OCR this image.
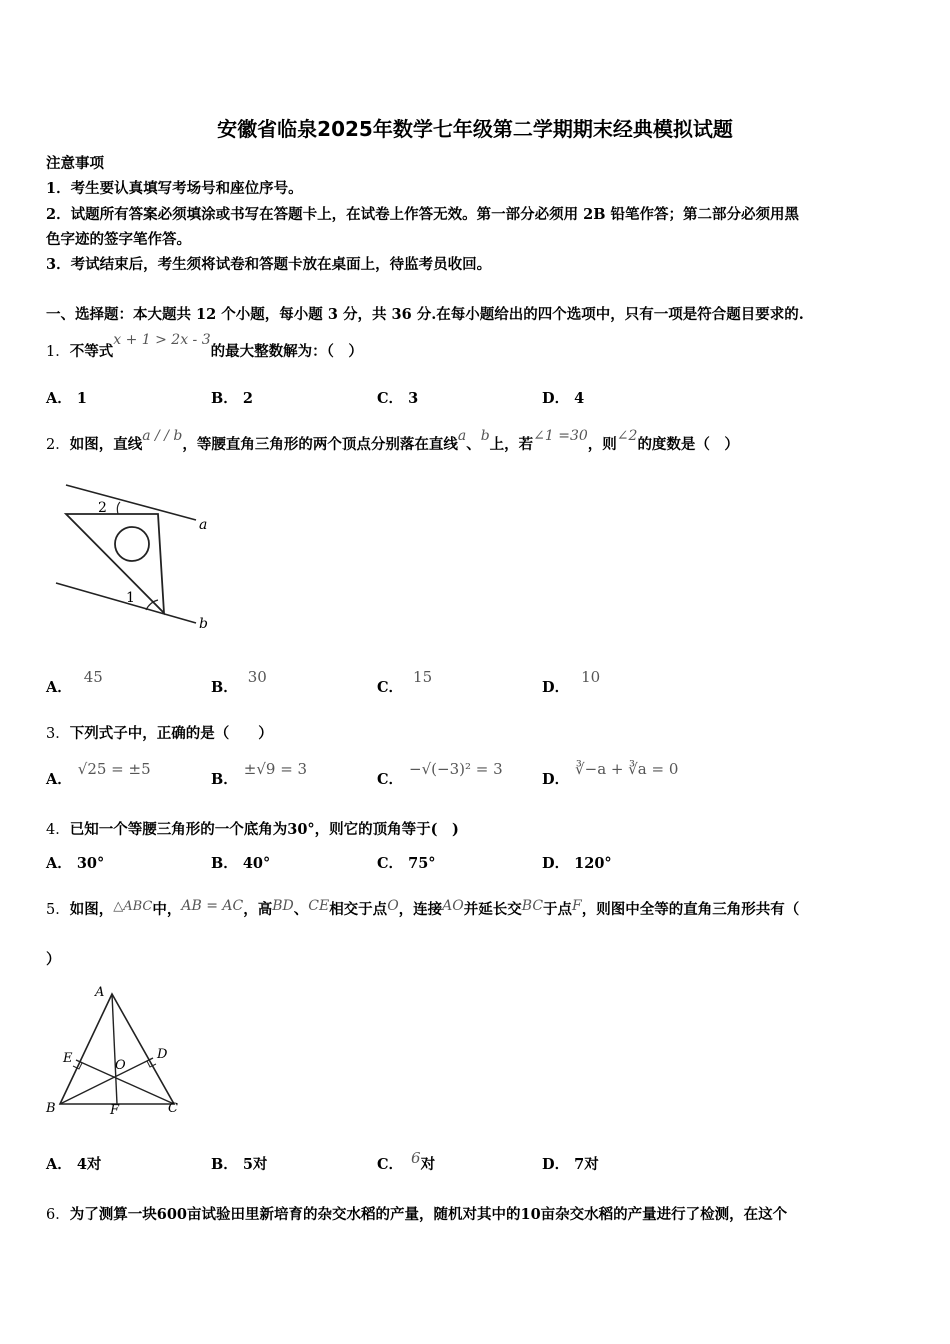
安徽省临泉2025年数学七年级第二学期期末经典模拟试题
注意事项
1．考生要认真填写考场号和座位序号。
2．试题所有答案必须填涂或书写在答题卡上，在试卷上作答无效。第一部分必须用 2B 铅笔作答；第二部分必须用黑
色字迹的签字笔作答。
3．考试结束后，考生须将试卷和答题卡放在桌面上，待监考员收回。
一、选择题：本大题共 12 个小题，每小题 3 分，共 36 分.在每小题给出的四个选项中，只有一项是符合题目要求的.
1．不等式x + 1 > 2x - 3的最大整数解为：（　）
A． 1	B． 2	C． 3	D． 4
2．如图，直线a / / b，等腰直角三角形的两个顶点分别落在直线a、b上，若∠1 =30，则∠2的度数是（　）
2
1
a
b
A．45
B．30
C．15
D．10
3．下列式子中，正确的是（　　）
A．√25 = ±5
B．±√9 = 3
C．−√(−3)² = 3
D．∛−a + ∛a = 0
4．已知一个等腰三角形的一个底角为30°，则它的顶角等于(　)
A． 30°	B． 40°	C． 75°	D． 120°
5．如图，△ABC中，AB = AC，高BD、CE相交于点O，连接AO并延长交BC于点F，则图中全等的直角三角形共有（
）
A
B	C
D
E
F
O
A． 4对	B． 5对	C． 6对	D． 7对
6．为了测算一块600亩试验田里新培育的杂交水稻的产量，随机对其中的10亩杂交水稻的产量进行了检测，在这个
